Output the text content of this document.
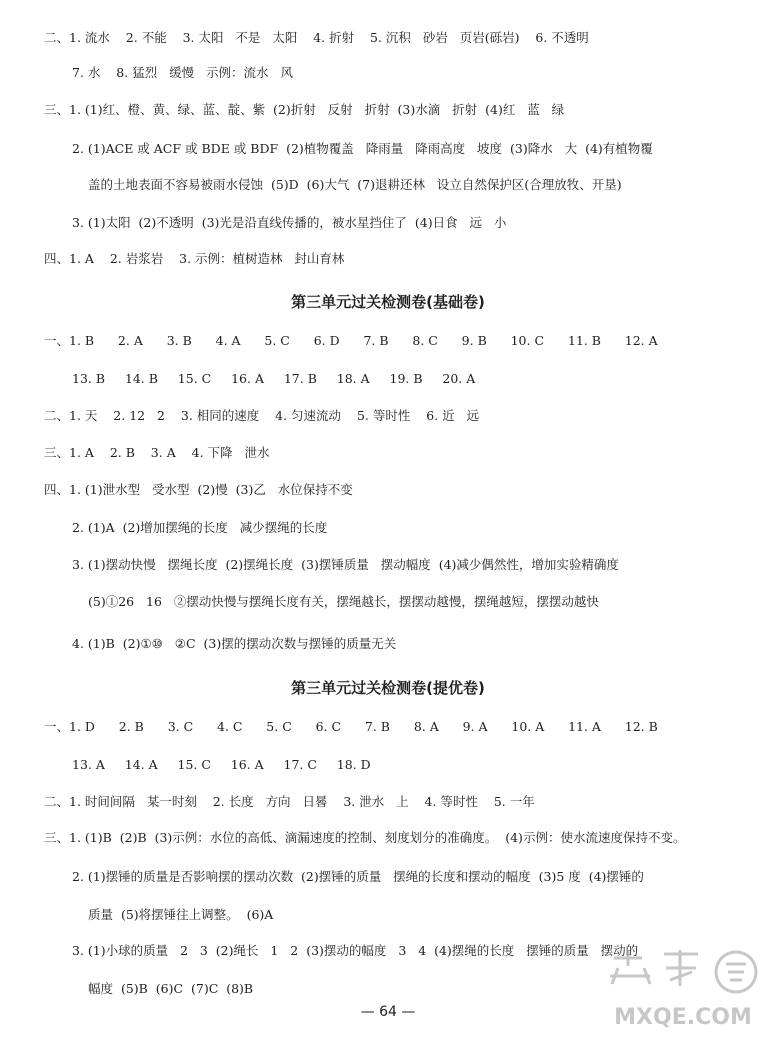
二、1. 流水    2. 不能    3. 太阳   不是   太阳    4. 折射    5. 沉积   砂岩   页岩(砾岩)    6. 不透明
7. 水    8. 猛烈   缓慢   示例：流水   风
三、1. (1)红、橙、黄、绿、蓝、靛、紫  (2)折射   反射   折射  (3)水滴   折射  (4)红   蓝   绿
2. (1)ACE 或 ACF 或 BDE 或 BDF  (2)植物覆盖   降雨量   降雨高度   坡度  (3)降水   大  (4)有植物覆
盖的土地表面不容易被雨水侵蚀  (5)D  (6)大气  (7)退耕还林   设立自然保护区(合理放牧、开垦)
3. (1)太阳  (2)不透明  (3)光是沿直线传播的，被水星挡住了  (4)日食   远   小
四、1. A    2. 岩浆岩    3. 示例：植树造林   封山育林
第三单元过关检测卷(基础卷)
一、1. B      2. A      3. B      4. A      5. C      6. D      7. B      8. C      9. B      10. C      11. B      12. A
13. B     14. B     15. C     16. A     17. B     18. A     19. B     20. A
二、1. 天    2. 12   2    3. 相同的速度    4. 匀速流动    5. 等时性    6. 近   远
三、1. A    2. B    3. A    4. 下降   泄水
四、1. (1)泄水型   受水型  (2)慢  (3)乙   水位保持不变
2. (1)A  (2)增加摆绳的长度   减少摆绳的长度
3. (1)摆动快慢   摆绳长度  (2)摆绳长度  (3)摆锤质量   摆动幅度  (4)减少偶然性，增加实验精确度
(5)①26   16   ②摆动快慢与摆绳长度有关，摆绳越长，摆摆动越慢，摆绳越短，摆摆动越快
4. (1)B  (2)①⑩   ②C  (3)摆的摆动次数与摆锤的质量无关
第三单元过关检测卷(提优卷)
一、1. D      2. B      3. C      4. C      5. C      6. C      7. B      8. A      9. A      10. A      11. A      12. B
13. A     14. A     15. C     16. A     17. C     18. D
二、1. 时间间隔   某一时刻    2. 长度   方向   日晷    3. 泄水   上    4. 等时性    5. 一年
三、1. (1)B  (2)B  (3)示例：水位的高低、滴漏速度的控制、刻度划分的准确度。  (4)示例：使水流速度保持不变。
2. (1)摆锤的质量是否影响摆的摆动次数  (2)摆锤的质量   摆绳的长度和摆动的幅度  (3)5 度  (4)摆锤的
质量  (5)将摆锤往上调整。  (6)A
3. (1)小球的质量   2   3  (2)绳长   1   2  (3)摆动的幅度   3   4  (4)摆绳的长度   摆锤的质量   摆动的
幅度  (5)B  (6)C  (7)C  (8)B
— 64 —	MXQE.COM
